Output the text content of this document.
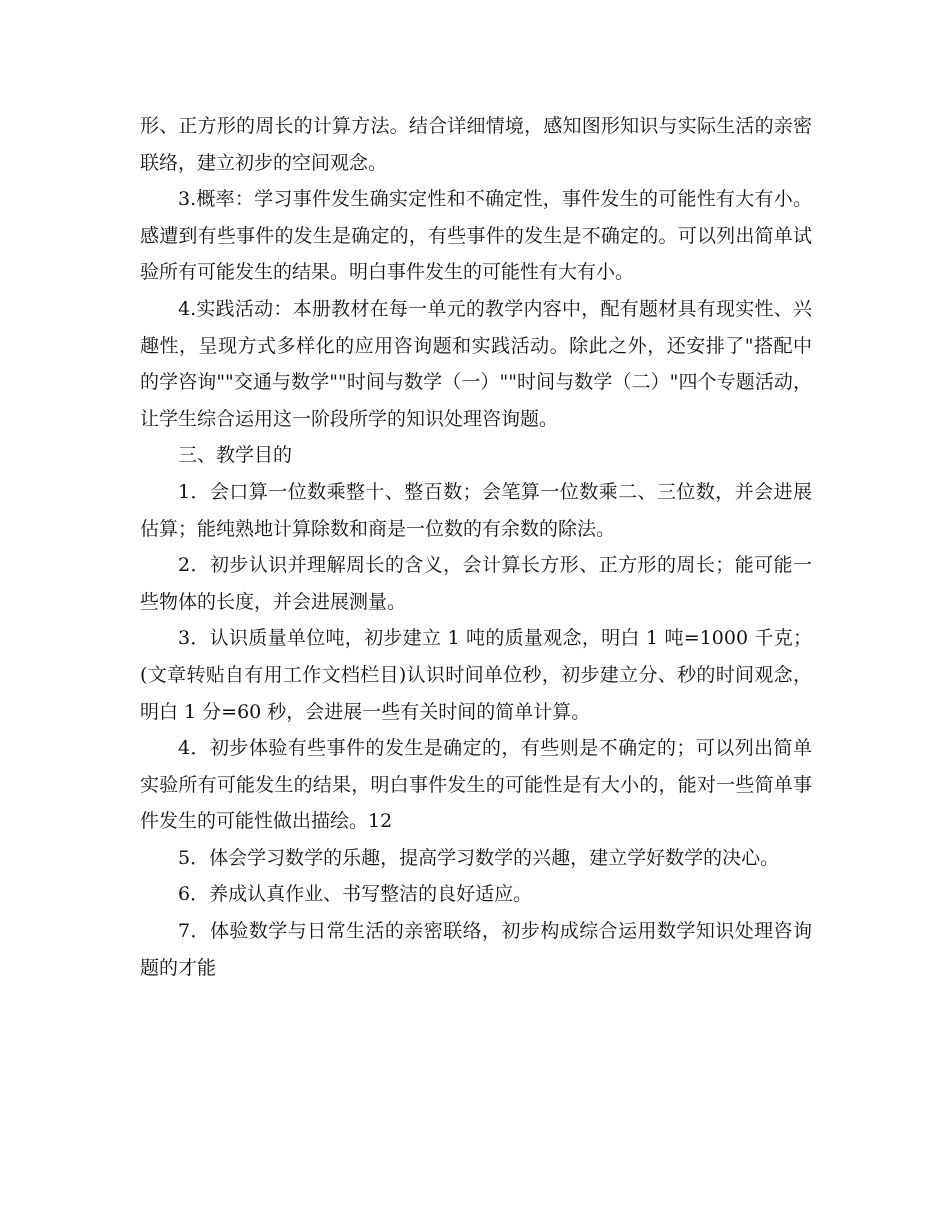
形、正方形的周长的计算方法。结合详细情境，感知图形知识与实际生活的亲密联络，建立初步的空间观念。

3.概率：学习事件发生确实定性和不确定性，事件发生的可能性有大有小。感遭到有些事件的发生是确定的，有些事件的发生是不确定的。可以列出简单试验所有可能发生的结果。明白事件发生的可能性有大有小。

4.实践活动：本册教材在每一单元的教学内容中，配有题材具有现实性、兴趣性，呈现方式多样化的应用咨询题和实践活动。除此之外，还安排了"搭配中的学咨询""交通与数学""时间与数学（一）""时间与数学（二）"四个专题活动，让学生综合运用这一阶段所学的知识处理咨询题。

三、教学目的

1．会口算一位数乘整十、整百数；会笔算一位数乘二、三位数，并会进展估算；能纯熟地计算除数和商是一位数的有余数的除法。

2．初步认识并理解周长的含义，会计算长方形、正方形的周长；能可能一些物体的长度，并会进展测量。

3．认识质量单位吨，初步建立 1 吨的质量观念，明白 1 吨=1000 千克；(文章转贴自有用工作文档栏目)认识时间单位秒，初步建立分、秒的时间观念，明白 1 分=60 秒，会进展一些有关时间的简单计算。

4．初步体验有些事件的发生是确定的，有些则是不确定的；可以列出简单实验所有可能发生的结果，明白事件发生的可能性是有大小的，能对一些简单事件发生的可能性做出描绘。12

5．体会学习数学的乐趣，提高学习数学的兴趣，建立学好数学的决心。

6．养成认真作业、书写整洁的良好适应。

7．体验数学与日常生活的亲密联络，初步构成综合运用数学知识处理咨询题的才能
